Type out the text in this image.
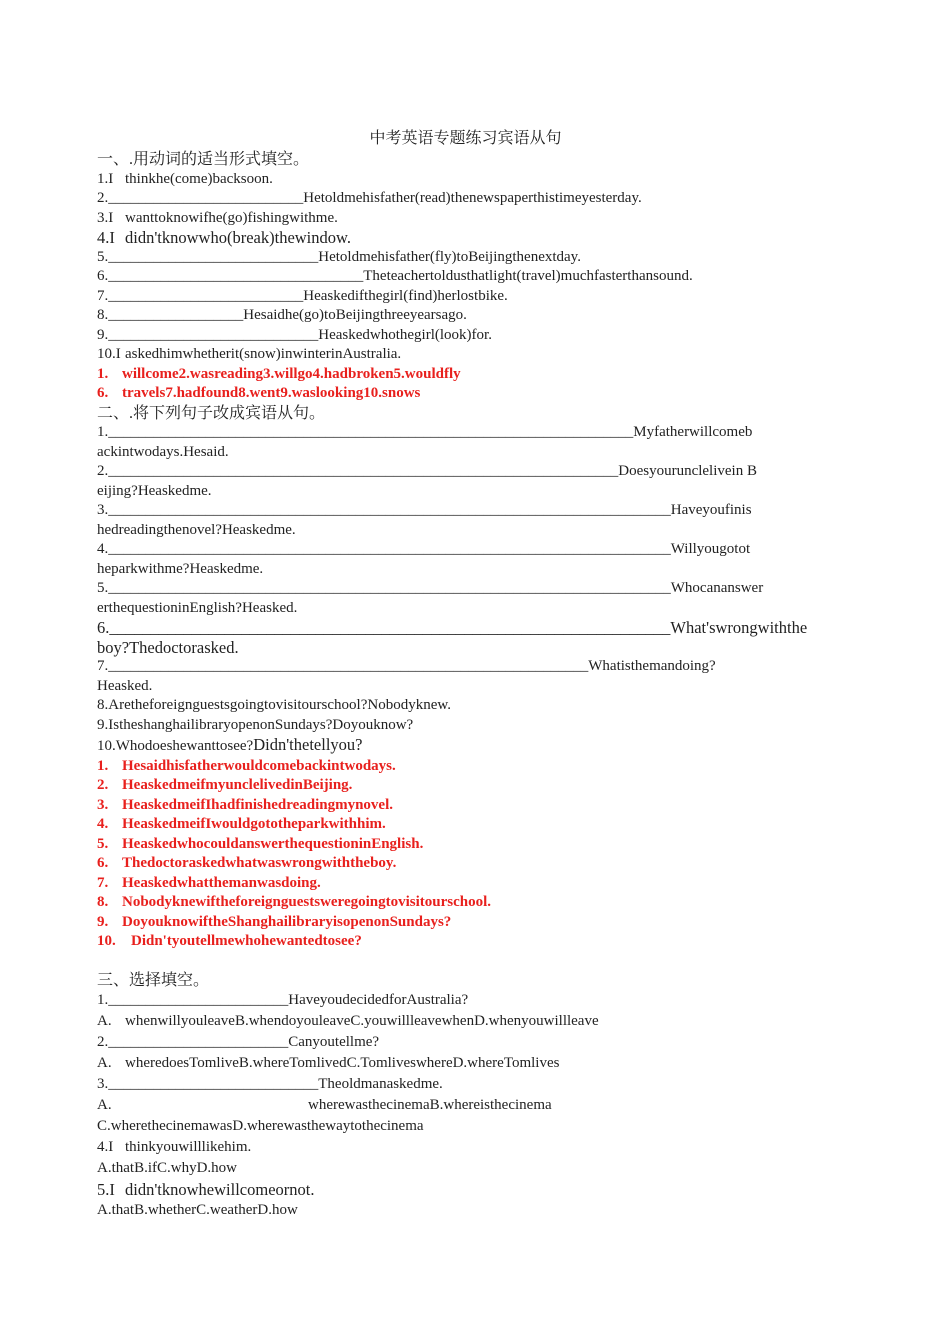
中考英语专题练习宾语从句
一、.用动词的适当形式填空。
1.I thinkhe(come)backsoon.
2.__________________________Hetoldmehisfather(read)thenewspaperthistimeyesterday.
3.I wanttoknowifhe(go)fishingwithme.
4.I didn'tknowwho(break)thewindow.
5.____________________________Hetoldmehisfather(fly)toBeijingthenextday.
6.__________________________________Theteachertoldusthatlight(travel)muchfasterthansound.
7.__________________________Heaskedifthegirl(find)herlostbike.
8.__________________Hesaidhe(go)toBeijingthreeyearsago.
9.____________________________Heaskedwhothegirl(look)for.
10.I askedhimwhetherit(snow)inwinterinAustralia.
1. willcome2.wasreading3.willgo4.hadbroken5.wouldfly
6. travels7.hadfound8.went9.waslooking10.snows
二、.将下列句子改成宾语从句。
1.______________________________________________________________________Myfatherwillcomeb
ackintwodays.Hesaid.
2.____________________________________________________________________Doesyourunclelivein B
eijing?Heaskedme.
3.___________________________________________________________________________Haveyoufinis
hedreadingthenovel?Heaskedme.
4.___________________________________________________________________________Willyougotot
heparkwithme?Heaskedme.
5.___________________________________________________________________________Whocananswer
erthequestioninEnglish?Heasked.
6.____________________________________________________________________What'swrongwiththe
boy?Thedoctorasked.
7.________________________________________________________________Whatisthemandoing?
Heasked.
8.Aretheforeignguestsgoingtovisitourschool?Nobodyknew.
9.IstheshanghailibraryopenonSundays?Doyouknow?
10.Whodoeshewanttosee?Didn'thetellyou?
1. Hesaidhisfatherwouldcomebackintwodays.
2. HeaskedmeifmyunclelivedinBeijing.
3. HeaskedmeifIhadfinishedreadingmynovel.
4. HeaskedmeifIwouldgototheparkwithhim.
5. HeaskedwhocouldanswerthequestioninEnglish.
6. Thedoctoraskedwhatwaswrongwiththeboy.
7. Heaskedwhatthemanwasdoing.
8. Nobodyknewiftheforeignguestsweregoingtovisitourschool.
9. DoyouknowiftheShanghailibraryisopenonSundays?
10. Didn'tyoutellmewhohewantedtosee?
三、选择填空。
1.________________________HaveyoudecidedforAustralia?
A. whenwillyouleaveB.whendoyouleaveC.youwillleavewhenD.whenyouwillleave
2.________________________Canyoutellme?
A. wheredoesTomliveB.whereTomlivedC.TomliveswhereD.whereTomlives
3.____________________________Theoldmanaskedme.
A.	wherewasthecinemaB.whereisthecinema
C.wherethecinemawasD.wherewasthewaytothecinema
4.I thinkyouwilllikehim.
A.thatB.ifC.whyD.how
5.I didn'tknowhewillcomeornot.
A.thatB.whetherC.weatherD.how
